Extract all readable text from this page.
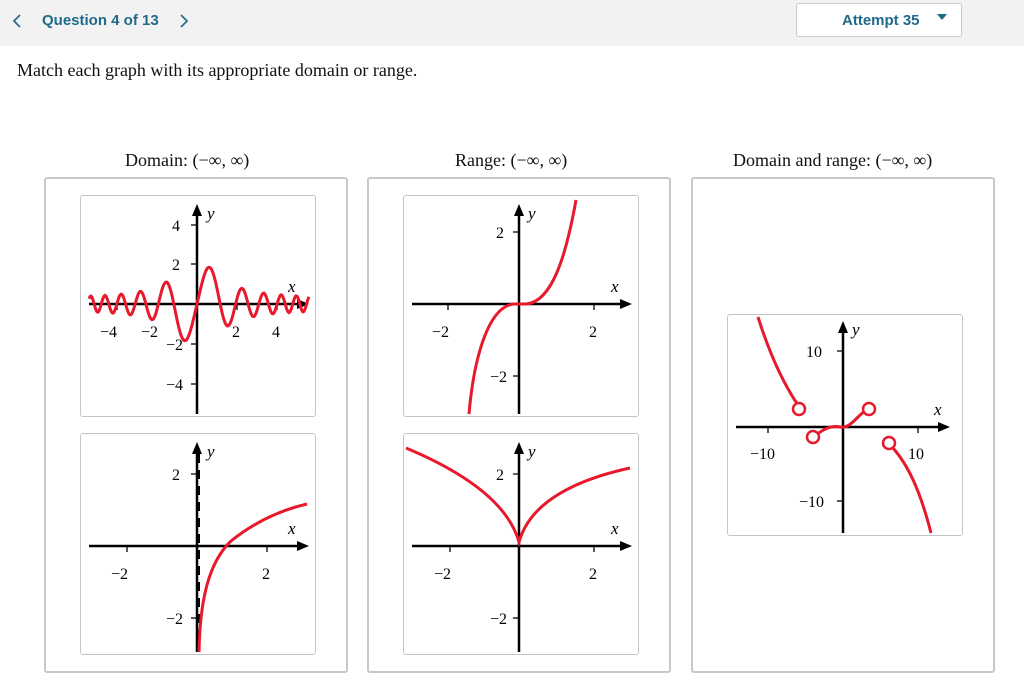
Question 4 of 13	Attempt 35
Match each graph with its appropriate domain or range.
Domain: (−∞, ∞)	Range: (−∞, ∞)	Domain and range: (−∞, ∞)
y
x
4
2
−4 −2	2 4
−2
−4
y
x
2
−2	2
−2
y
x
2
−2	2
−2
y
x
2
−2	2
−2
y
x
10
−10	10
−10
